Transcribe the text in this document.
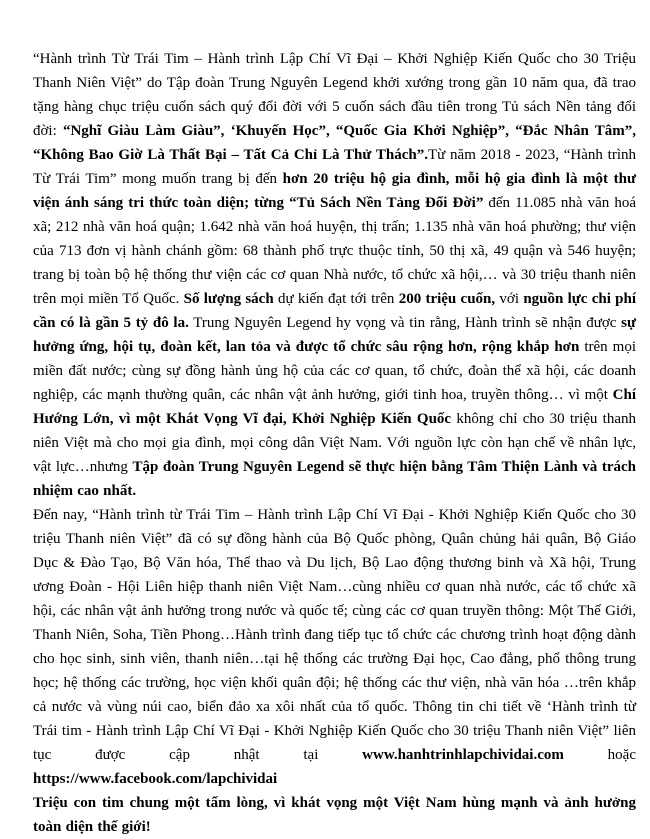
“Hành trình Từ Trái Tim – Hành trình Lập Chí Vĩ Đại – Khởi Nghiệp Kiến Quốc cho 30 Triệu Thanh Niên Việt” do Tập đoàn Trung Nguyên Legend khởi xướng trong gần 10 năm qua, đã trao tặng hàng chục triệu cuốn sách quý đổi đời với 5 cuốn sách đầu tiên trong Tủ sách Nền tảng đổi đời: “Nghĩ Giàu Làm Giàu”, ‘Khuyến Học”, “Quốc Gia Khởi Nghiệp”, “Đắc Nhân Tâm”, “Không Bao Giờ Là Thất Bại – Tất Cả Chỉ Là Thử Thách”.Từ năm 2018 - 2023, “Hành trình Từ Trái Tim” mong muốn trang bị đến hơn 20 triệu hộ gia đình, mỗi hộ gia đình là một thư viện ánh sáng tri thức toàn diện; từng “Tủ Sách Nền Tảng Đổi Đời” đến 11.085 nhà văn hoá xã; 212 nhà văn hoá quận; 1.642 nhà văn hoá huyện, thị trấn; 1.135 nhà văn hoá phường; thư viện của 713 đơn vị hành chánh gồm: 68 thành phố trực thuộc tỉnh, 50 thị xã, 49 quận và 546 huyện; trang bị toàn bộ hệ thống thư viện các cơ quan Nhà nước, tổ chức xã hội,… và 30 triệu thanh niên trên mọi miền Tổ Quốc. Số lượng sách dự kiến đạt tới trên 200 triệu cuốn, với nguồn lực chi phí cần có là gần 5 tỷ đô la. Trung Nguyên Legend hy vọng và tin rằng, Hành trình sẽ nhận được sự hưởng ứng, hội tụ, đoàn kết, lan tỏa và được tổ chức sâu rộng hơn, rộng khắp hơn trên mọi miền đất nước; cùng sự đồng hành ủng hộ của các cơ quan, tổ chức, đoàn thể xã hội, các doanh nghiệp, các mạnh thường quân, các nhân vật ảnh hưởng, giới tinh hoa, truyền thông… vì một Chí Hướng Lớn, vì một Khát Vọng Vĩ đại, Khởi Nghiệp Kiến Quốc không chỉ cho 30 triệu thanh niên Việt mà cho mọi gia đình, mọi công dân Việt Nam. Với nguồn lực còn hạn chế về nhân lực, vật lực…nhưng Tập đoàn Trung Nguyên Legend sẽ thực hiện bằng Tâm Thiện Lành và trách nhiệm cao nhất.

Đến nay, “Hành trình từ Trái Tim – Hành trình Lập Chí Vĩ Đại - Khởi Nghiệp Kiến Quốc cho 30 triệu Thanh niên Việt” đã có sự đồng hành của Bộ Quốc phòng, Quân chủng hải quân, Bộ Giáo Dục & Đào Tạo, Bộ Văn hóa, Thể thao và Du lịch, Bộ Lao động thương binh và Xã hội, Trung ương Đoàn - Hội Liên hiệp thanh niên Việt Nam…cùng nhiều cơ quan nhà nước, các tổ chức xã hội, các nhân vật ảnh hưởng trong nước và quốc tế; cùng các cơ quan truyền thông: Một Thế Giới, Thanh Niên, Soha, Tiền Phong…Hành trình đang tiếp tục tổ chức các chương trình hoạt động dành cho học sinh, sinh viên, thanh niên…tại hệ thống các trường Đại học, Cao đẳng, phổ thông trung học; hệ thống các trường, học viện khối quân đội; hệ thống các thư viện, nhà văn hóa …trên khắp cả nước và vùng núi cao, biển đảo xa xôi nhất của tổ quốc. Thông tin chi tiết về ‘Hành trình từ Trái tim - Hành trình Lập Chí Vĩ Đại - Khởi Nghiệp Kiến Quốc cho 30 triệu Thanh niên Việt” liên tục được cập nhật tại www.hanhtrinhlapchividai.com hoặc https://www.facebook.com/lapchividai

Triệu con tim chung một tấm lòng, vì khát vọng một Việt Nam hùng mạnh và ảnh hưởng toàn diện thế giới!
